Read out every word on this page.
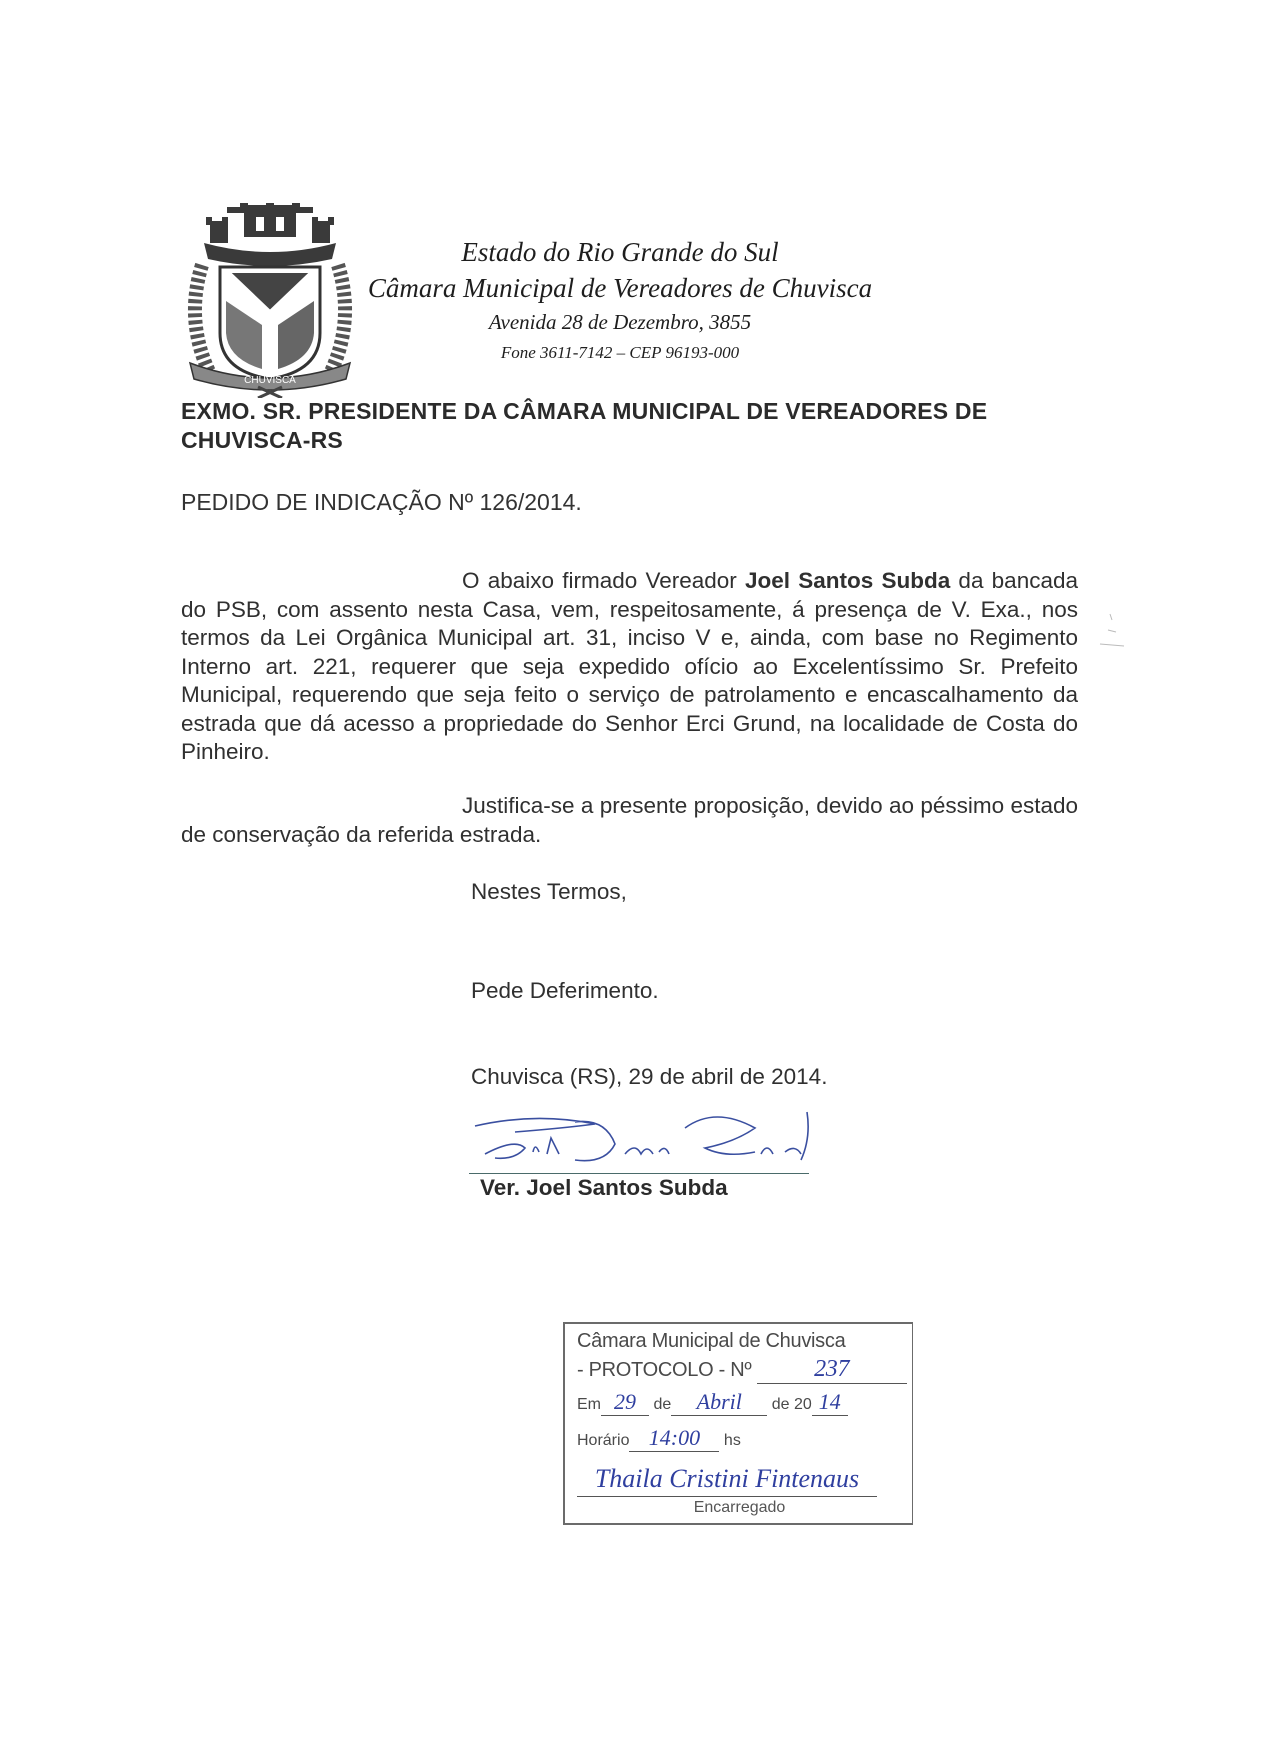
CHUVISCA
Estado do Rio Grande do Sul
Câmara Municipal de Vereadores de Chuvisca
Avenida 28 de Dezembro, 3855
Fone 3611-7142 – CEP 96193-000
EXMO. SR. PRESIDENTE DA CÂMARA MUNICIPAL DE VEREADORES DE CHUVISCA-RS
PEDIDO DE INDICAÇÃO Nº 126/2014.
O abaixo firmado Vereador Joel Santos Subda da bancada do PSB, com assento nesta Casa, vem, respeitosamente, á presença de V. Exa., nos termos da Lei Orgânica Municipal art. 31, inciso V e, ainda, com base no Regimento Interno art. 221, requerer que seja expedido ofício ao Excelentíssimo Sr. Prefeito Municipal, requerendo que seja feito o serviço de patrolamento e encascalhamento da estrada que dá acesso a propriedade do Senhor Erci Grund, na localidade de Costa do Pinheiro.
Justifica-se a presente proposição, devido ao péssimo estado de conservação da referida estrada.
Nestes Termos,
Pede Deferimento.
Chuvisca (RS), 29 de abril de 2014.
Ver. Joel Santos Subda
Câmara Municipal de Chuvisca
- PROTOCOLO - Nº	237
Em 29 de Abril de 20 14
Horário 14:00 hs
Thaila Cristini Fintenaus
Encarregado
